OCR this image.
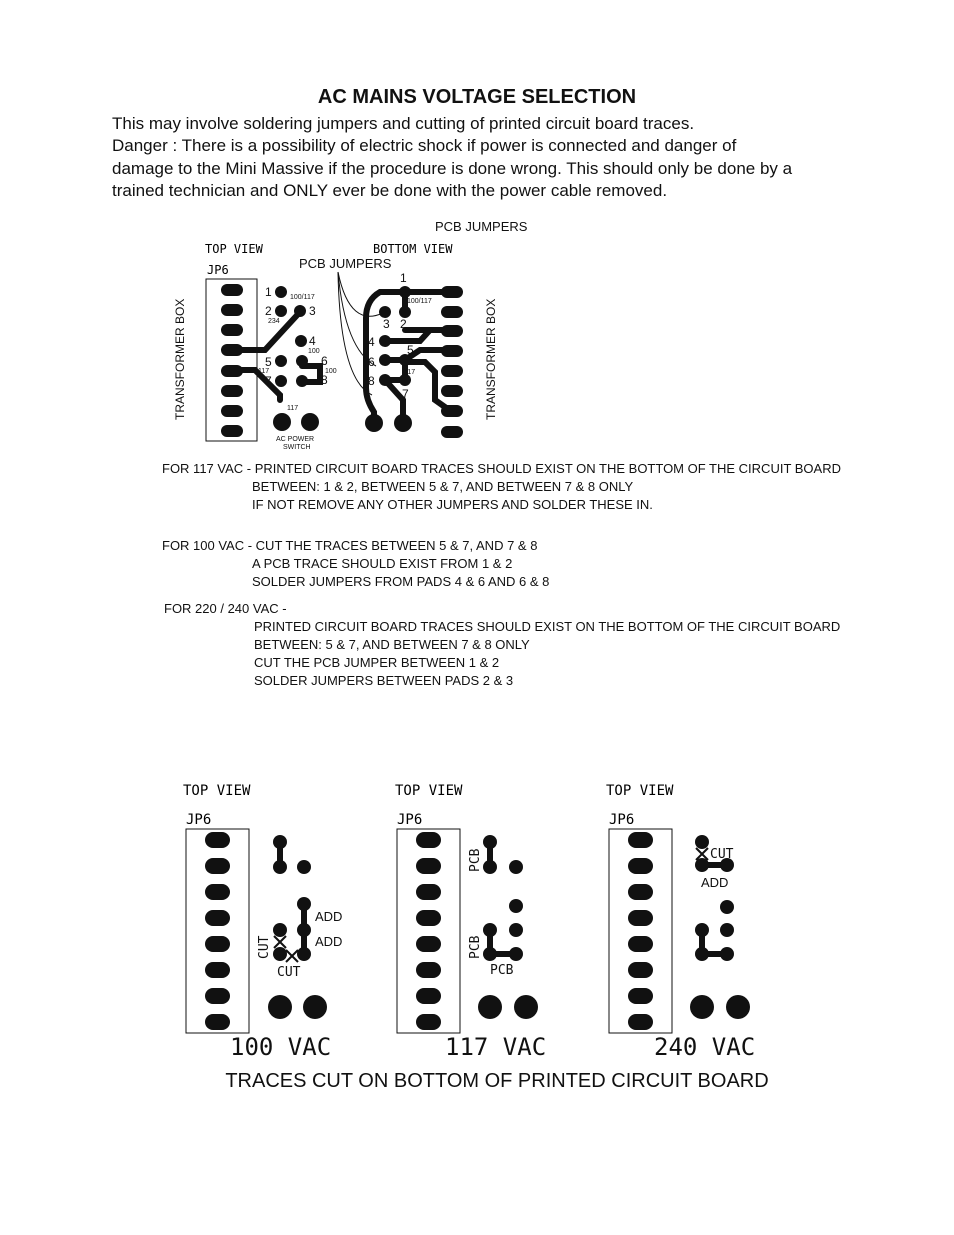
AC MAINS VOLTAGE SELECTION
This may involve soldering jumpers and cutting of printed circuit board traces.
Danger : There is a possibility of electric shock if power is connected and danger of
damage to the Mini Massive if the procedure is done wrong. This should only be done by a
trained technician and ONLY ever be done with the power cable removed.
PCB JUMPERS
PCB JUMPERS
TRANSFORMER BOX	TRANSFORMER BOX
TOP VIEW
JP6
1
2	3
4
5	6
7	8
100/117
234
100
117	100
117
AC POWER
SWITCH
BOTTOM VIEW
1
2
3
4
5
6
7
8
100/117
117
FOR 117 VAC - PRINTED CIRCUIT BOARD TRACES SHOULD EXIST ON THE BOTTOM OF THE CIRCUIT BOARD
BETWEEN: 1 & 2, BETWEEN 5 & 7, AND BETWEEN 7 & 8 ONLY
IF NOT REMOVE ANY OTHER JUMPERS AND SOLDER THESE IN.
FOR 100 VAC - CUT THE TRACES BETWEEN 5 & 7, AND 7 & 8
A PCB TRACE SHOULD EXIST FROM 1 & 2
SOLDER JUMPERS FROM PADS 4 & 6 AND 6 & 8
FOR 220 / 240 VAC -
PRINTED CIRCUIT BOARD TRACES SHOULD EXIST ON THE BOTTOM OF THE CIRCUIT BOARD
BETWEEN: 5 & 7, AND BETWEEN 7 & 8 ONLY
CUT THE PCB JUMPER BETWEEN 1 & 2
SOLDER JUMPERS BETWEEN PADS 2 & 3
TOP VIEW
JP6
ADD
ADD
CUT
CUT
100 VAC
TOP VIEW
JP6
PCB
PCB
PCB
117 VAC
TOP VIEW
JP6
CUT
ADD
240 VAC
TRACES CUT ON BOTTOM OF PRINTED CIRCUIT BOARD
